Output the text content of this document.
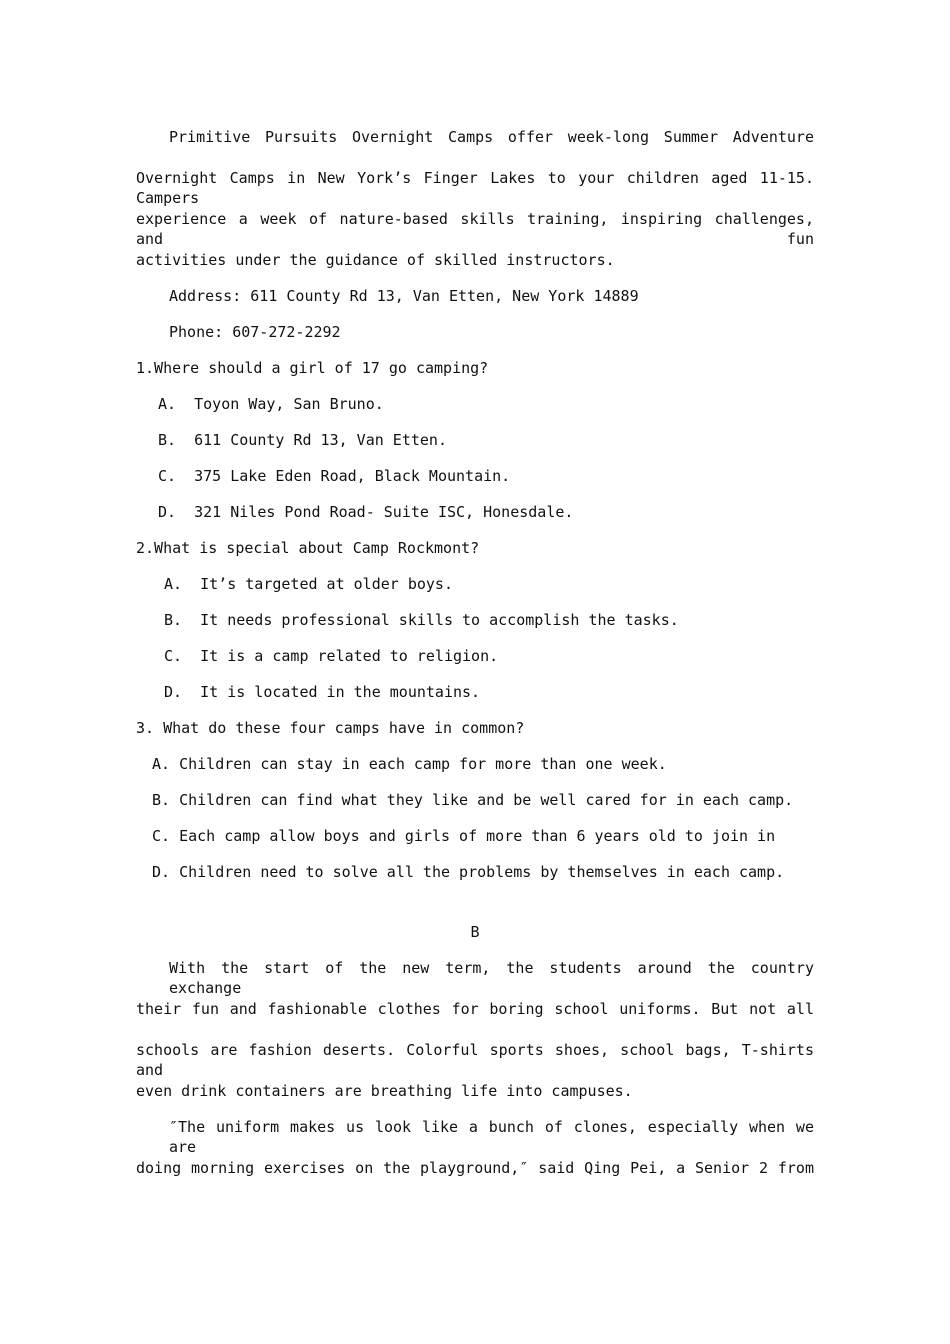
Primitive Pursuits Overnight Camps offer week-long Summer Adventure
Overnight Camps in New York’s Finger Lakes to your children aged 11-15. Campers
experience a week of nature-based skills training, inspiring challenges, and fun
activities under the guidance of skilled instructors.
Address: 611 County Rd 13, Van Etten, New York 14889
Phone: 607-272-2292
1.Where should a girl of 17 go camping?
A.  Toyon Way, San Bruno.
B.  611 County Rd 13, Van Etten.
C.  375 Lake Eden Road, Black Mountain.
D.  321 Niles Pond Road- Suite ISC, Honesdale.
2.What is special about Camp Rockmont?
A.  It’s targeted at older boys.
B.  It needs professional skills to accomplish the tasks.
C.  It is a camp related to religion.
D.  It is located in the mountains.
3. What do these four camps have in common?
A. Children can stay in each camp for more than one week.
B. Children can find what they like and be well cared for in each camp.
C. Each camp allow boys and girls of more than 6 years old to join in
D. Children need to solve all the problems by themselves in each camp.
B
With the start of the new term, the students around the country exchange
their fun and fashionable clothes for boring school uniforms. But not all
schools are fashion deserts. Colorful sports shoes, school bags, T-shirts and
even drink containers are breathing life into campuses.
″The uniform makes us look like a bunch of clones, especially when we are
doing morning exercises on the playground,″ said Qing Pei, a Senior 2 from
